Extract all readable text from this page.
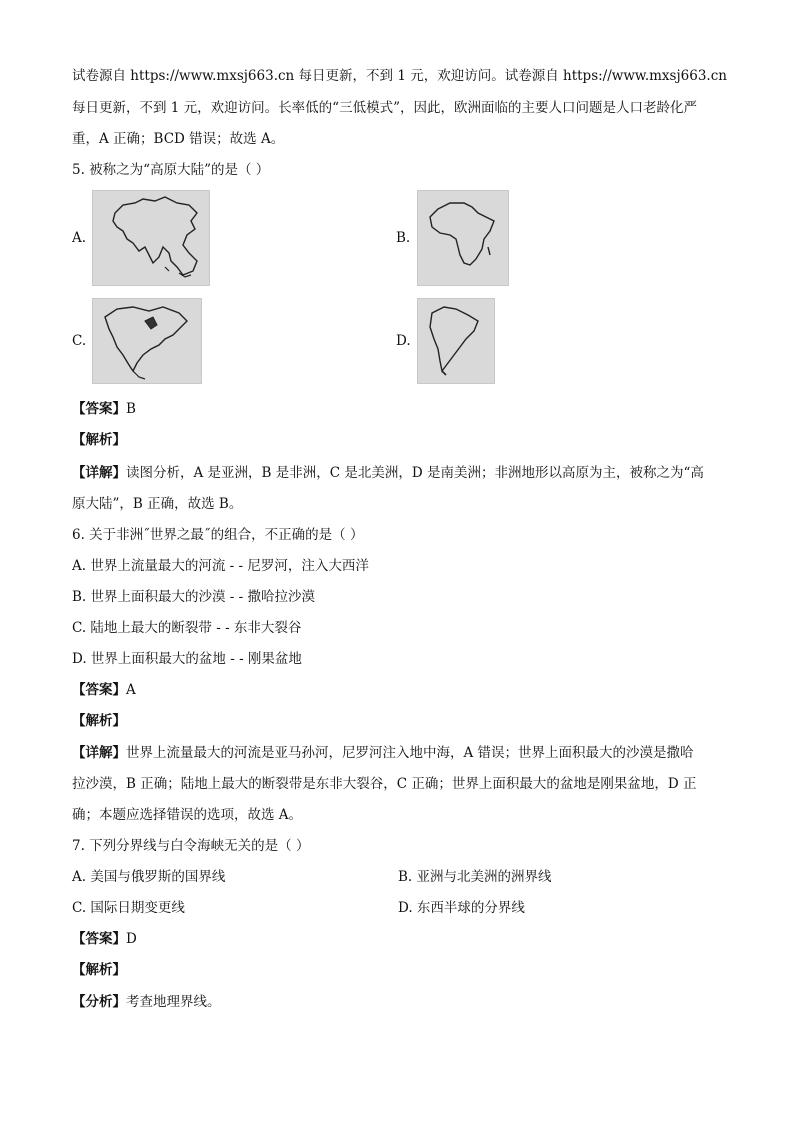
试卷源自 https://www.mxsj663.cn 每日更新，不到 1 元，欢迎访问。试卷源自 https://www.mxsj663.cn
每日更新，不到 1 元，欢迎访问。长率低的“三低模式”，因此，欧洲面临的主要人口问题是人口老龄化严
重，A 正确；BCD 错误；故选 A。
5. 被称之为“高原大陆”的是（ ）
A.	B.
C.	D.
【答案】B
【解析】
【详解】读图分析，A 是亚洲，B 是非洲，C 是北美洲，D 是南美洲；非洲地形以高原为主，被称之为“高
原大陆”，B 正确，故选 B。
6. 关于非洲˝世界之最˝的组合，不正确的是（ ）
A. 世界上流量最大的河流 - - 尼罗河，注入大西洋
B. 世界上面积最大的沙漠 - - 撒哈拉沙漠
C. 陆地上最大的断裂带 - - 东非大裂谷
D. 世界上面积最大的盆地 - - 刚果盆地
【答案】A
【解析】
【详解】世界上流量最大的河流是亚马孙河，尼罗河注入地中海，A 错误；世界上面积最大的沙漠是撒哈
拉沙漠，B 正确；陆地上最大的断裂带是东非大裂谷，C 正确；世界上面积最大的盆地是刚果盆地，D 正
确；本题应选择错误的选项，故选 A。
7. 下列分界线与白令海峡无关的是（ ）
A. 美国与俄罗斯的国界线	B. 亚洲与北美洲的洲界线
C. 国际日期变更线	D. 东西半球的分界线
【答案】D
【解析】
【分析】考查地理界线。
